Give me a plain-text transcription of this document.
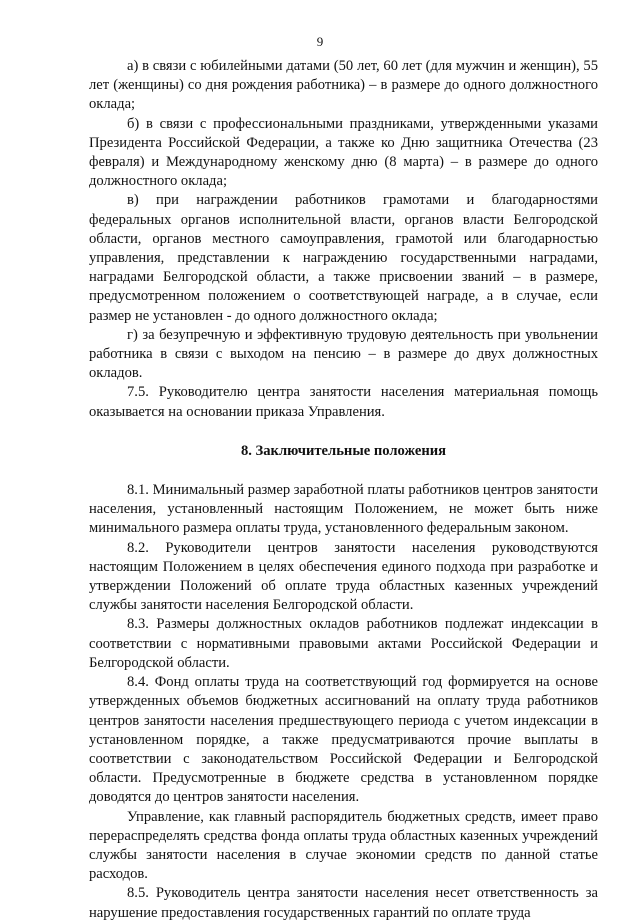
9

а) в связи с юбилейными датами (50 лет, 60 лет (для мужчин и женщин), 55 лет (женщины) со дня рождения работника) – в размере до одного должностного оклада;

б) в связи с профессиональными праздниками, утвержденными указами Президента Российской Федерации, а также ко Дню защитника Отечества (23 февраля) и Международному женскому дню (8 марта) – в размере до одного должностного оклада;

в) при награждении работников грамотами и благодарностями федеральных органов исполнительной власти, органов власти Белгородской области, органов местного самоуправления, грамотой или благодарностью управления, представлении к награждению государственными наградами, наградами Белгородской области, а также присвоении званий – в размере, предусмотренном положением о соответствующей награде, а в случае, если размер не установлен - до одного должностного оклада;

г) за безупречную и эффективную трудовую деятельность при увольнении работника в связи с выходом на пенсию – в размере до двух должностных окладов.

7.5. Руководителю центра занятости населения материальная помощь оказывается на основании приказа Управления.

8. Заключительные положения

8.1. Минимальный размер заработной платы работников центров занятости населения, установленный настоящим Положением, не может быть ниже минимального размера оплаты труда, установленного федеральным законом.

8.2. Руководители центров занятости населения руководствуются настоящим Положением в целях обеспечения единого подхода при разработке и утверждении Положений об оплате труда областных казенных учреждений службы занятости населения Белгородской области.

8.3. Размеры должностных окладов работников подлежат индексации в соответствии с нормативными правовыми актами Российской Федерации и Белгородской области.

8.4. Фонд оплаты труда на соответствующий год формируется на основе утвержденных объемов бюджетных ассигнований на оплату труда работников центров занятости населения предшествующего периода с учетом индексации в установленном порядке, а также предусматриваются прочие выплаты в соответствии с законодательством Российской Федерации и Белгородской области. Предусмотренные в бюджете средства в установленном порядке доводятся до центров занятости населения.

Управление, как главный распорядитель бюджетных средств, имеет право перераспределять средства фонда оплаты труда областных казенных учреждений службы занятости населения в случае экономии средств по данной статье расходов.

8.5. Руководитель центра занятости населения несет ответственность за нарушение предоставления государственных гарантий по оплате труда
